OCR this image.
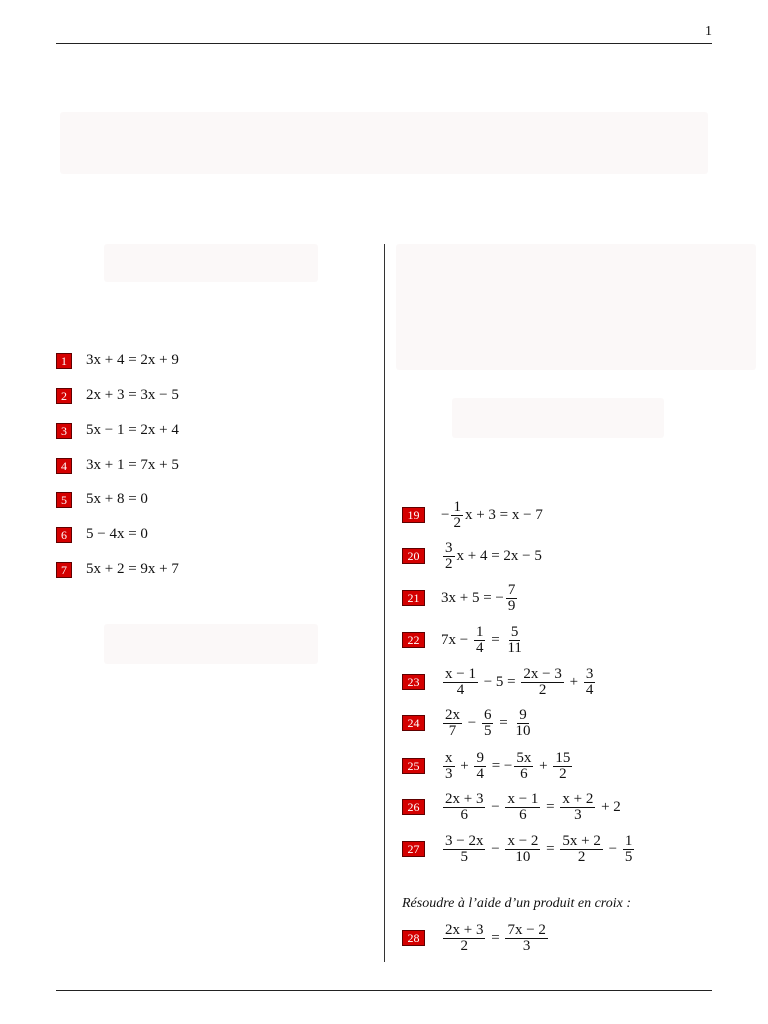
1
Résoudre à l’aide d’un produit en croix :
1	3x + 4 = 2x + 9
2	2x + 3 = 3x − 5
3	5x − 1 = 2x + 4
4	3x + 1 = 7x + 5
5	5x + 8 = 0
6	5 − 4x = 0
7	5x + 2 = 9x + 7
19	− $\frac{1}{2}$ x + 3 = x − 7
20	$\frac{3}{2}$ x + 4 = 2x − 5
21	3x + 5 = − $\frac{7}{9}$
22	$7x - \frac{1}{4} = \frac{5}{11}$
23	$\frac{x - 1}{4} - 5 = \frac{2x - 3}{2} + \frac{3}{4}$
24	$\frac{2x}{7} - \frac{6}{5} = \frac{9}{10}$
25	$\frac{x}{3} + \frac{9}{4}$ = − $\frac{5x}{6} + \frac{15}{2}$
26	$\frac{2x + 3}{6} - \frac{x - 1}{6} = \frac{x + 2}{3} + 2$
27	$\frac{3 - 2x}{5} - \frac{x - 2}{10} = \frac{5x + 2}{2} - \frac{1}{5}$
28	$\frac{2x + 3}{2} = \frac{7x - 2}{3}$
